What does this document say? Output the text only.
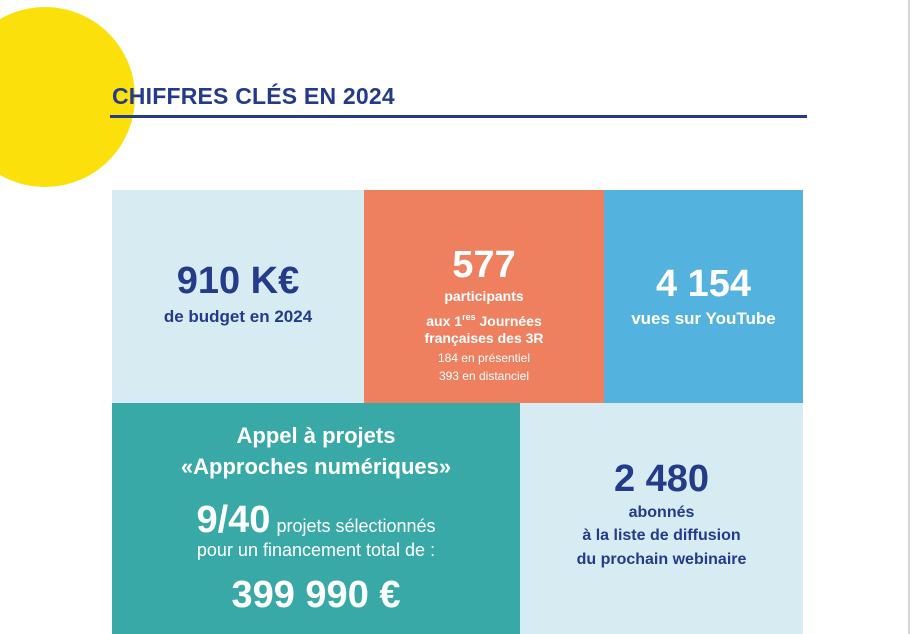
CHIFFRES CLÉS EN 2024
910 K€
de budget en 2024
577
participants
aux 1res Journées
françaises des 3R
184 en présentiel
393 en distanciel
4 154
vues sur YouTube
Appel à projets
«Approches numériques»
9/40 projets sélectionnés
pour un financement total de :
399 990 €
2 480
abonnés
à la liste de diffusion
du prochain webinaire
